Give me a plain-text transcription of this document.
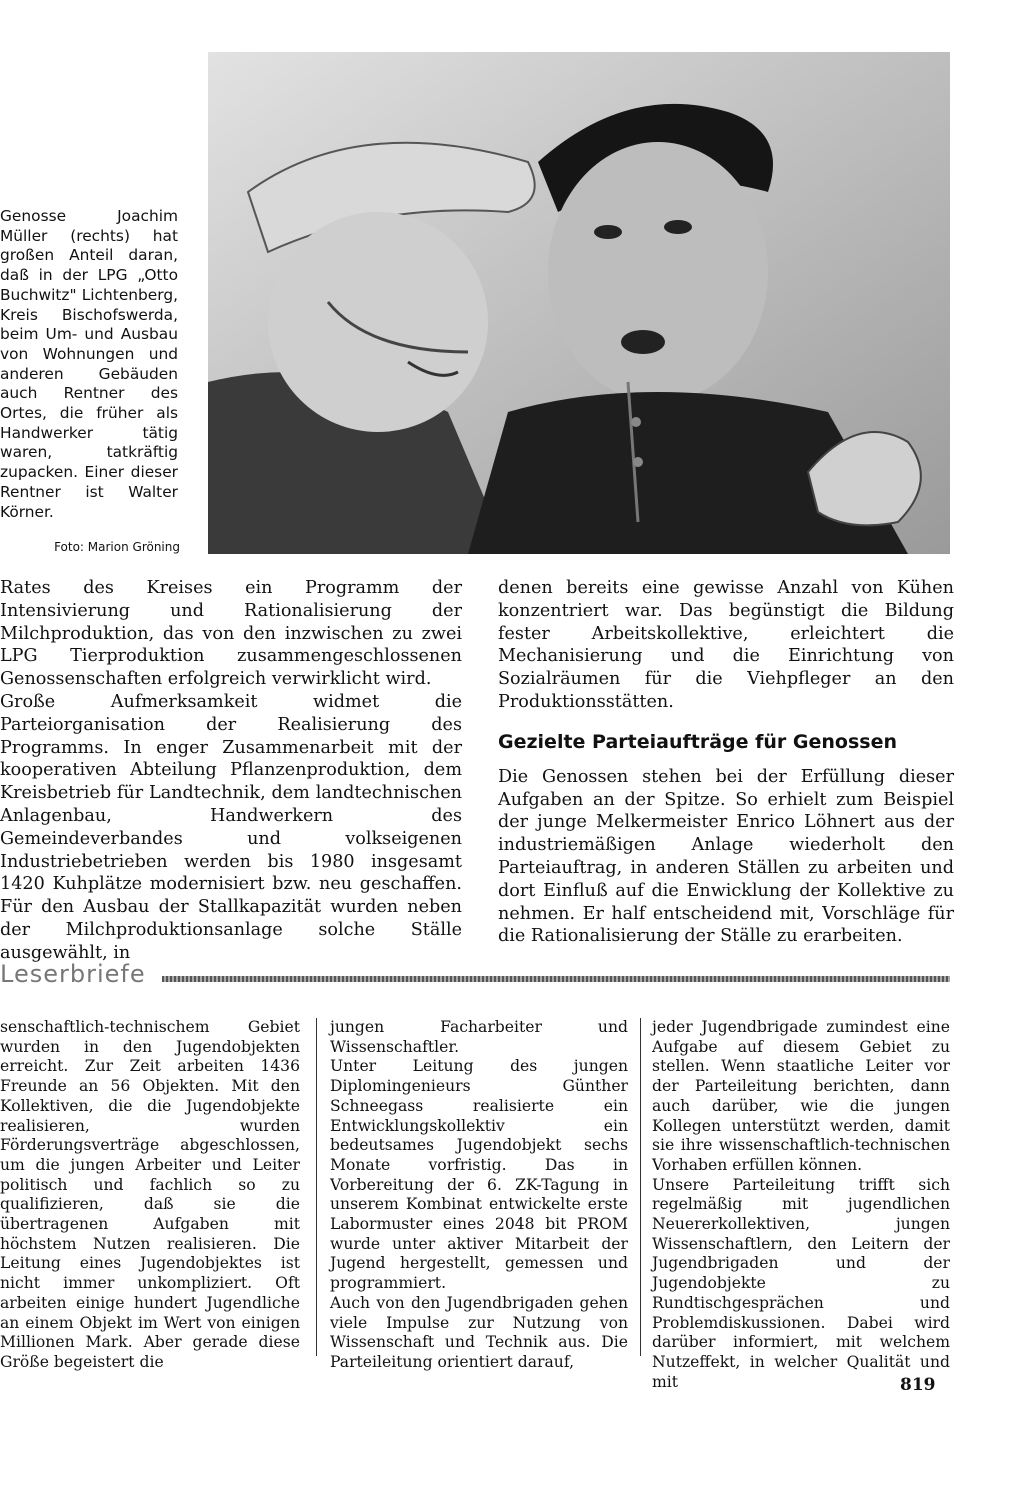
Genosse Joachim Müller (rechts) hat großen Anteil daran, daß in der LPG „Otto Buchwitz" Lichtenberg, Kreis Bischofswerda, beim Um- und Ausbau von Wohnungen und anderen Gebäuden auch Rentner des Ortes, die früher als Handwerker tätig waren, tatkräftig zupacken. Einer dieser Rentner ist Walter Körner.
Foto: Marion Gröning

Rates des Kreises ein Programm der Intensivierung und Rationalisierung der Milchproduktion, das von den inzwischen zu zwei LPG Tierproduktion zusammengeschlossenen Genossenschaften erfolgreich verwirklicht wird.

Große Aufmerksamkeit widmet die Parteiorganisation der Realisierung des Programms. In enger Zusammenarbeit mit der kooperativen Abteilung Pflanzenproduktion, dem Kreisbetrieb für Landtechnik, dem landtechnischen Anlagenbau, Handwerkern des Gemeindeverbandes und volkseigenen Industriebetrieben werden bis 1980 insgesamt 1420 Kuhplätze modernisiert bzw. neu geschaffen. Für den Ausbau der Stallkapazität wurden neben der Milchproduktionsanlage solche Ställe ausgewählt, in

denen bereits eine gewisse Anzahl von Kühen konzentriert war. Das begünstigt die Bildung fester Arbeitskollektive, erleichtert die Mechanisierung und die Einrichtung von Sozialräumen für die Viehpfleger an den Produktionsstätten.

Gezielte Parteiaufträge für Genossen

Die Genossen stehen bei der Erfüllung dieser Aufgaben an der Spitze. So erhielt zum Beispiel der junge Melkermeister Enrico Löhnert aus der industriemäßigen Anlage wiederholt den Parteiauftrag, in anderen Ställen zu arbeiten und dort Einfluß auf die Enwicklung der Kollektive zu nehmen. Er half entscheidend mit, Vorschläge für die Rationalisierung der Ställe zu erarbeiten.

Leserbriefe

senschaftlich-technischem Gebiet wurden in den Jugendobjekten erreicht. Zur Zeit arbeiten 1436 Freunde an 56 Objekten. Mit den Kollektiven, die die Jugendobjekte realisieren, wurden Förderungsverträge abgeschlossen, um die jungen Arbeiter und Leiter politisch und fachlich so zu qualifizieren, daß sie die übertragenen Aufgaben mit höchstem Nutzen realisieren. Die Leitung eines Jugendobjektes ist nicht immer unkompliziert. Oft arbeiten einige hundert Jugendliche an einem Objekt im Wert von einigen Millionen Mark. Aber gerade diese Größe begeistert die

jungen Facharbeiter und Wissenschaftler.

Unter Leitung des jungen Diplomingenieurs Günther Schneegass realisierte ein Entwicklungskollektiv ein bedeutsames Jugendobjekt sechs Monate vorfristig. Das in Vorbereitung der 6. ZK-Tagung in unserem Kombinat entwickelte erste Labormuster eines 2048 bit PROM wurde unter aktiver Mitarbeit der Jugend hergestellt, gemessen und programmiert.

Auch von den Jugendbrigaden gehen viele Impulse zur Nutzung von Wissenschaft und Technik aus. Die Parteileitung orientiert darauf,

jeder Jugendbrigade zumindest eine Aufgabe auf diesem Gebiet zu stellen. Wenn staatliche Leiter vor der Parteileitung berichten, dann auch darüber, wie die jungen Kollegen unterstützt werden, damit sie ihre wissenschaftlich-technischen Vorhaben erfüllen können.

Unsere Parteileitung trifft sich regelmäßig mit jugendlichen Neuererkollektiven, jungen Wissenschaftlern, den Leitern der Jugendbrigaden und der Jugendobjekte zu Rundtischgesprächen und Problemdiskussionen. Dabei wird darüber informiert, mit welchem Nutzeffekt, in welcher Qualität und mit	819
